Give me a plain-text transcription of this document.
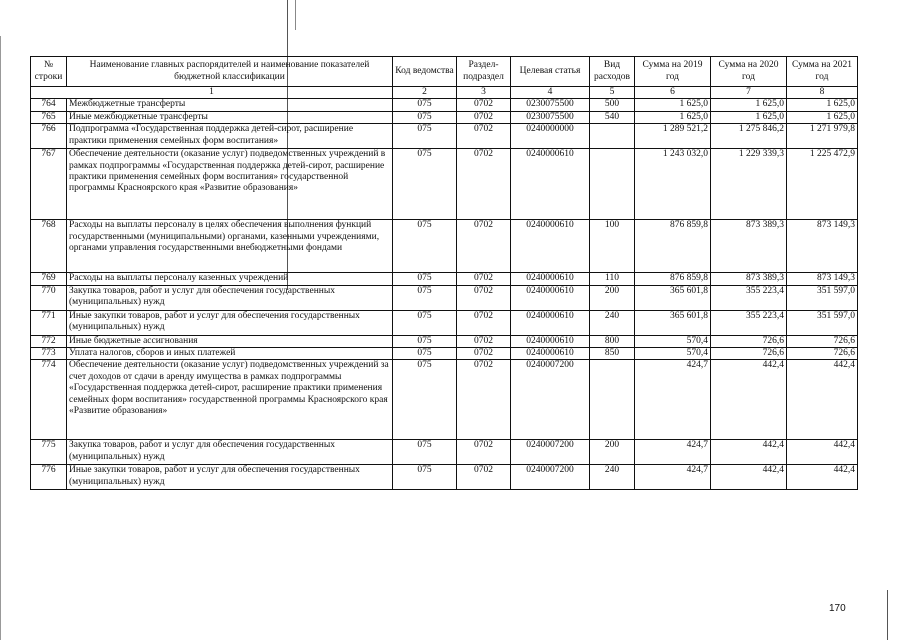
№ строки	Наименование главных распорядителей и наименование показателей бюджетной классификации	Код ведомства	Раздел-подраздел	Целевая статья	Вид расходов	Сумма на 2019 год	Сумма на 2020 год	Сумма на 2021 год
1		2	3	4	5	6	7	8
764	Межбюджетные трансферты	075	0702	0230075500	500	1 625,0	1 625,0	1 625,0
765	Иные межбюджетные трансферты	075	0702	0230075500	540	1 625,0	1 625,0	1 625,0
766	Подпрограмма «Государственная поддержка детей-сирот, расширение практики применения семейных форм воспитания»	075	0702	0240000000		1 289 521,2	1 275 846,2	1 271 979,8
767	Обеспечение деятельности (оказание услуг) подведомственных учреждений в рамках подпрограммы «Государственная поддержка детей-сирот, расширение практики применения семейных форм воспитания» государственной программы Красноярского края «Развитие образования»	075	0702	0240000610		1 243 032,0	1 229 339,3	1 225 472,9
768	Расходы на выплаты персоналу в целях обеспечения выполнения функций государственными (муниципальными) органами, казенными учреждениями, органами управления государственными внебюджетными фондами	075	0702	0240000610	100	876 859,8	873 389,3	873 149,3
769	Расходы на выплаты персоналу казенных учреждений	075	0702	0240000610	110	876 859,8	873 389,3	873 149,3
770	Закупка товаров, работ и услуг для обеспечения государственных (муниципальных) нужд	075	0702	0240000610	200	365 601,8	355 223,4	351 597,0
771	Иные закупки товаров, работ и услуг для обеспечения государственных (муниципальных) нужд	075	0702	0240000610	240	365 601,8	355 223,4	351 597,0
772	Иные бюджетные ассигнования	075	0702	0240000610	800	570,4	726,6	726,6
773	Уплата налогов, сборов и иных платежей	075	0702	0240000610	850	570,4	726,6	726,6
774	Обеспечение деятельности (оказание услуг) подведомственных учреждений за счет доходов от сдачи в аренду имущества в рамках подпрограммы «Государственная поддержка детей-сирот, расширение практики применения семейных форм воспитания» государственной программы Красноярского края «Развитие образования»	075	0702	0240007200		424,7	442,4	442,4
775	Закупка товаров, работ и услуг для обеспечения государственных (муниципальных) нужд	075	0702	0240007200	200	424,7	442,4	442,4
776	Иные закупки товаров, работ и услуг для обеспечения государственных (муниципальных) нужд	075	0702	0240007200	240	424,7	442,4	442,4
170
